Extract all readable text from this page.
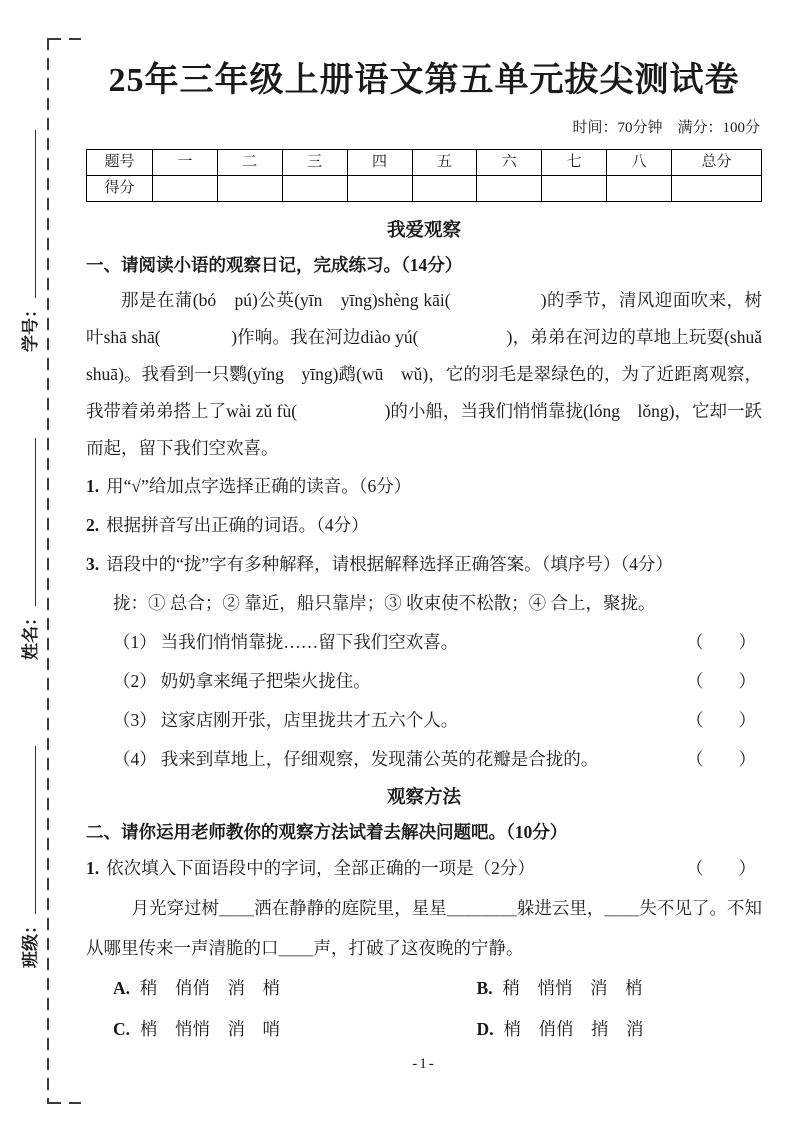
学号：
姓名：
班级：
25年三年级上册语文第五单元拔尖测试卷
时间：70分钟　满分：100分
题号	一	二	三	四	五	六	七	八	总分
得分									
我爱观察
一、请阅读小语的观察日记，完成练习。（14分）
那是在蒲(bó　pú)公英(yīn　yīng)shèng kāi(　　　　　)的季节，清风迎面吹来，树叶shā shā(　　　　)作响。我在河边diào yú(　　　　　)，弟弟在河边的草地上玩耍(shuǎ　shuā)。我看到一只鹦(yǐng　yīng)鹉(wū　wǔ)，它的羽毛是翠绿色的，为了近距离观察，我带着弟弟搭上了wài zǔ fù(　　　　　)的小船，当我们悄悄靠拢(lóng　lǒng)，它却一跃而起，留下我们空欢喜。
1. 用“√”给加点字选择正确的读音。（6分）
2. 根据拼音写出正确的词语。（4分）
3. 语段中的“拢”字有多种解释，请根据解释选择正确答案。（填序号）（4分）
拢：① 总合；② 靠近，船只靠岸；③ 收束使不松散；④ 合上，聚拢。
（1） 当我们悄悄靠拢……留下我们空欢喜。	（　　）
（2） 奶奶拿来绳子把柴火拢住。	（　　）
（3） 这家店刚开张，店里拢共才五六个人。	（　　）
（4） 我来到草地上，仔细观察，发现蒲公英的花瓣是合拢的。	（　　）
观察方法
二、请你运用老师教你的观察方法试着去解决问题吧。（10分）
1. 依次填入下面语段中的字词，全部正确的一项是（2分）	（　　）
月光穿过树＿＿洒在静静的庭院里，星星＿＿＿＿躲进云里，＿＿失不见了。不知从哪里传来一声清脆的口＿＿声，打破了这夜晚的宁静。
A. 稍　俏俏　消　梢	B. 稍　悄悄　消　梢
C. 梢　悄悄　消　哨	D. 梢　俏俏　捎　消
-1-
